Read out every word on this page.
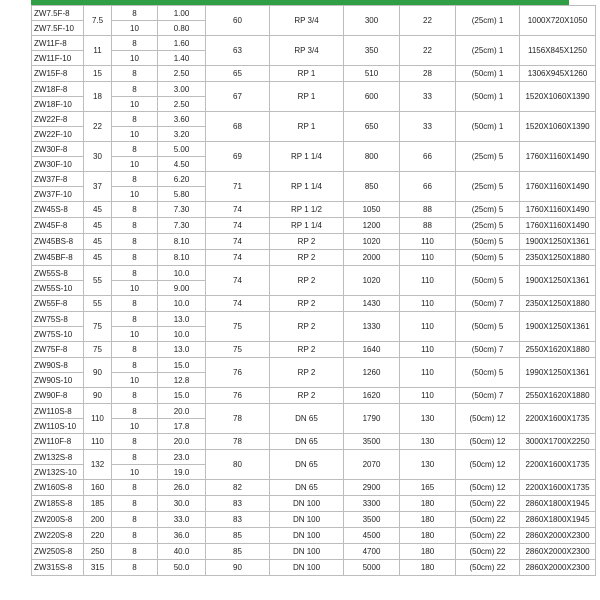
ZW7.5F-8	7.5	8	1.00	60	RP 3/4	300	22	(25cm) 1	1000X720X1050
ZW7.5F-10		10	0.80						
ZW11F-8	11	8	1.60	63	RP 3/4	350	22	(25cm) 1	1156X845X1250
ZW11F-10		10	1.40						
ZW15F-8	15	8	2.50	65	RP 1	510	28	(50cm) 1	1306X945X1260
ZW18F-8	18	8	3.00	67	RP 1	600	33	(50cm) 1	1520X1060X1390
ZW18F-10		10	2.50						
ZW22F-8	22	8	3.60	68	RP 1	650	33	(50cm) 1	1520X1060X1390
ZW22F-10		10	3.20						
ZW30F-8	30	8	5.00	69	RP 1 1/4	800	66	(25cm) 5	1760X1160X1490
ZW30F-10		10	4.50						
ZW37F-8	37	8	6.20	71	RP 1 1/4	850	66	(25cm) 5	1760X1160X1490
ZW37F-10		10	5.80						
ZW45S-8	45	8	7.30	74	RP 1 1/2	1050	88	(25cm) 5	1760X1160X1490
ZW45F-8	45	8	7.30	74	RP 1 1/4	1200	88	(25cm) 5	1760X1160X1490
ZW45BS-8	45	8	8.10	74	RP 2	1020	110	(50cm) 5	1900X1250X1361
ZW45BF-8	45	8	8.10	74	RP 2	2000	110	(50cm) 5	2350X1250X1880
ZW55S-8	55	8	10.0	74	RP 2	1020	110	(50cm) 5	1900X1250X1361
ZW55S-10		10	9.00						
ZW55F-8	55	8	10.0	74	RP 2	1430	110	(50cm) 7	2350X1250X1880
ZW75S-8	75	8	13.0	75	RP 2	1330	110	(50cm) 5	1900X1250X1361
ZW75S-10		10	10.0						
ZW75F-8	75	8	13.0	75	RP 2	1640	110	(50cm) 7	2550X1620X1880
ZW90S-8	90	8	15.0	76	RP 2	1260	110	(50cm) 5	1990X1250X1361
ZW90S-10		10	12.8						
ZW90F-8	90	8	15.0	76	RP 2	1620	110	(50cm) 7	2550X1620X1880
ZW110S-8	110	8	20.0	78	DN 65	1790	130	(50cm) 12	2200X1600X1735
ZW110S-10		10	17.8						
ZW110F-8	110	8	20.0	78	DN 65	3500	130	(50cm) 12	3000X1700X2250
ZW132S-8	132	8	23.0	80	DN 65	2070	130	(50cm) 12	2200X1600X1735
ZW132S-10		10	19.0						
ZW160S-8	160	8	26.0	82	DN 65	2900	165	(50cm) 12	2200X1600X1735
ZW185S-8	185	8	30.0	83	DN 100	3300	180	(50cm) 22	2860X1800X1945
ZW200S-8	200	8	33.0	83	DN 100	3500	180	(50cm) 22	2860X1800X1945
ZW220S-8	220	8	36.0	85	DN 100	4500	180	(50cm) 22	2860X2000X2300
ZW250S-8	250	8	40.0	85	DN 100	4700	180	(50cm) 22	2860X2000X2300
ZW315S-8	315	8	50.0	90	DN 100	5000	180	(50cm) 22	2860X2000X2300
